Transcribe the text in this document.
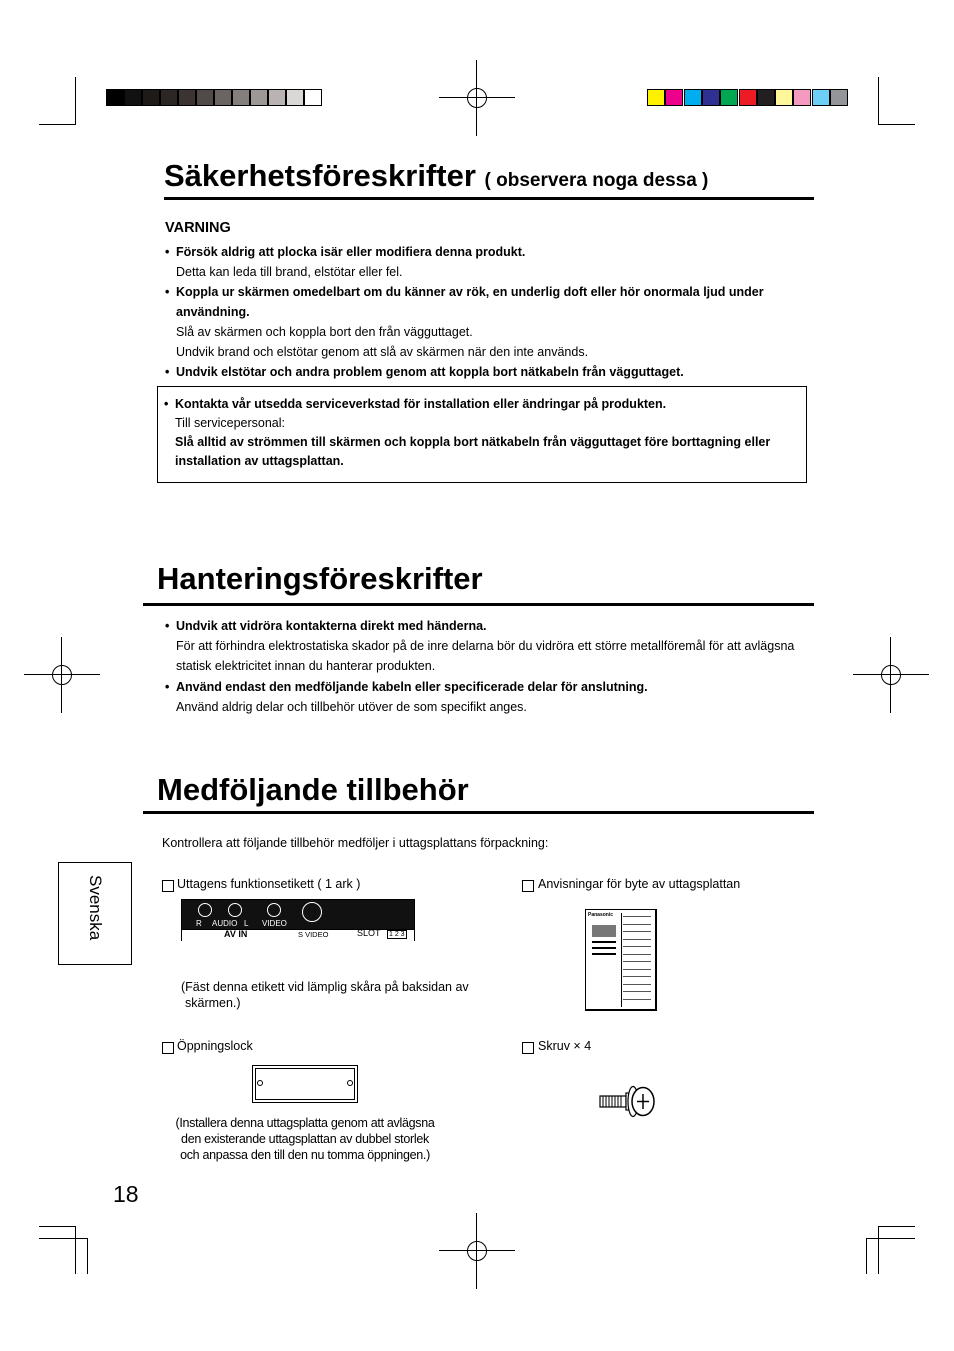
Säkerhetsföreskrifter ( observera noga dessa )
VARNING
• Försök aldrig att plocka isär eller modifiera denna produkt.
Detta kan leda till brand, elstötar eller fel.
• Koppla ur skärmen omedelbart om du känner av rök, en underlig doft eller hör onormala ljud under
användning.
Slå av skärmen och koppla bort den från vägguttaget.
Undvik brand och elstötar genom att slå av skärmen när den inte används.
• Undvik elstötar och andra problem genom att koppla bort nätkabeln från vägguttaget.
• Kontakta vår utsedda serviceverkstad för installation eller ändringar på produkten.
Till servicepersonal:
Slå alltid av strömmen till skärmen och koppla bort nätkabeln från vägguttaget före borttagning eller
installation av uttagsplattan.
Hanteringsföreskrifter
• Undvik att vidröra kontakterna direkt med händerna.
För att förhindra elektrostatiska skador på de inre delarna bör du vidröra ett större metallföremål för att avlägsna
statisk elektricitet innan du hanterar produkten.
• Använd endast den medföljande kabeln eller specificerade delar för anslutning.
Använd aldrig delar och tillbehör utöver de som specifikt anges.
Medföljande tillbehör
Kontrollera att följande tillbehör medföljer i uttagsplattans förpackning:
Svenska	Uttagens funktionsetikett ( 1 ark )
R AUDIO L VIDEO
AV IN	S VIDEO	SLOT 1 2 3
(Fäst denna etikett vid lämplig skåra på baksidan av
skärmen.)
Anvisningar för byte av uttagsplattan
Panasonic
Öppningslock
(Installera denna uttagsplatta genom att avlägsna
den existerande uttagsplattan av dubbel storlek
och anpassa den till den nu tomma öppningen.)
Skruv × 4
18
